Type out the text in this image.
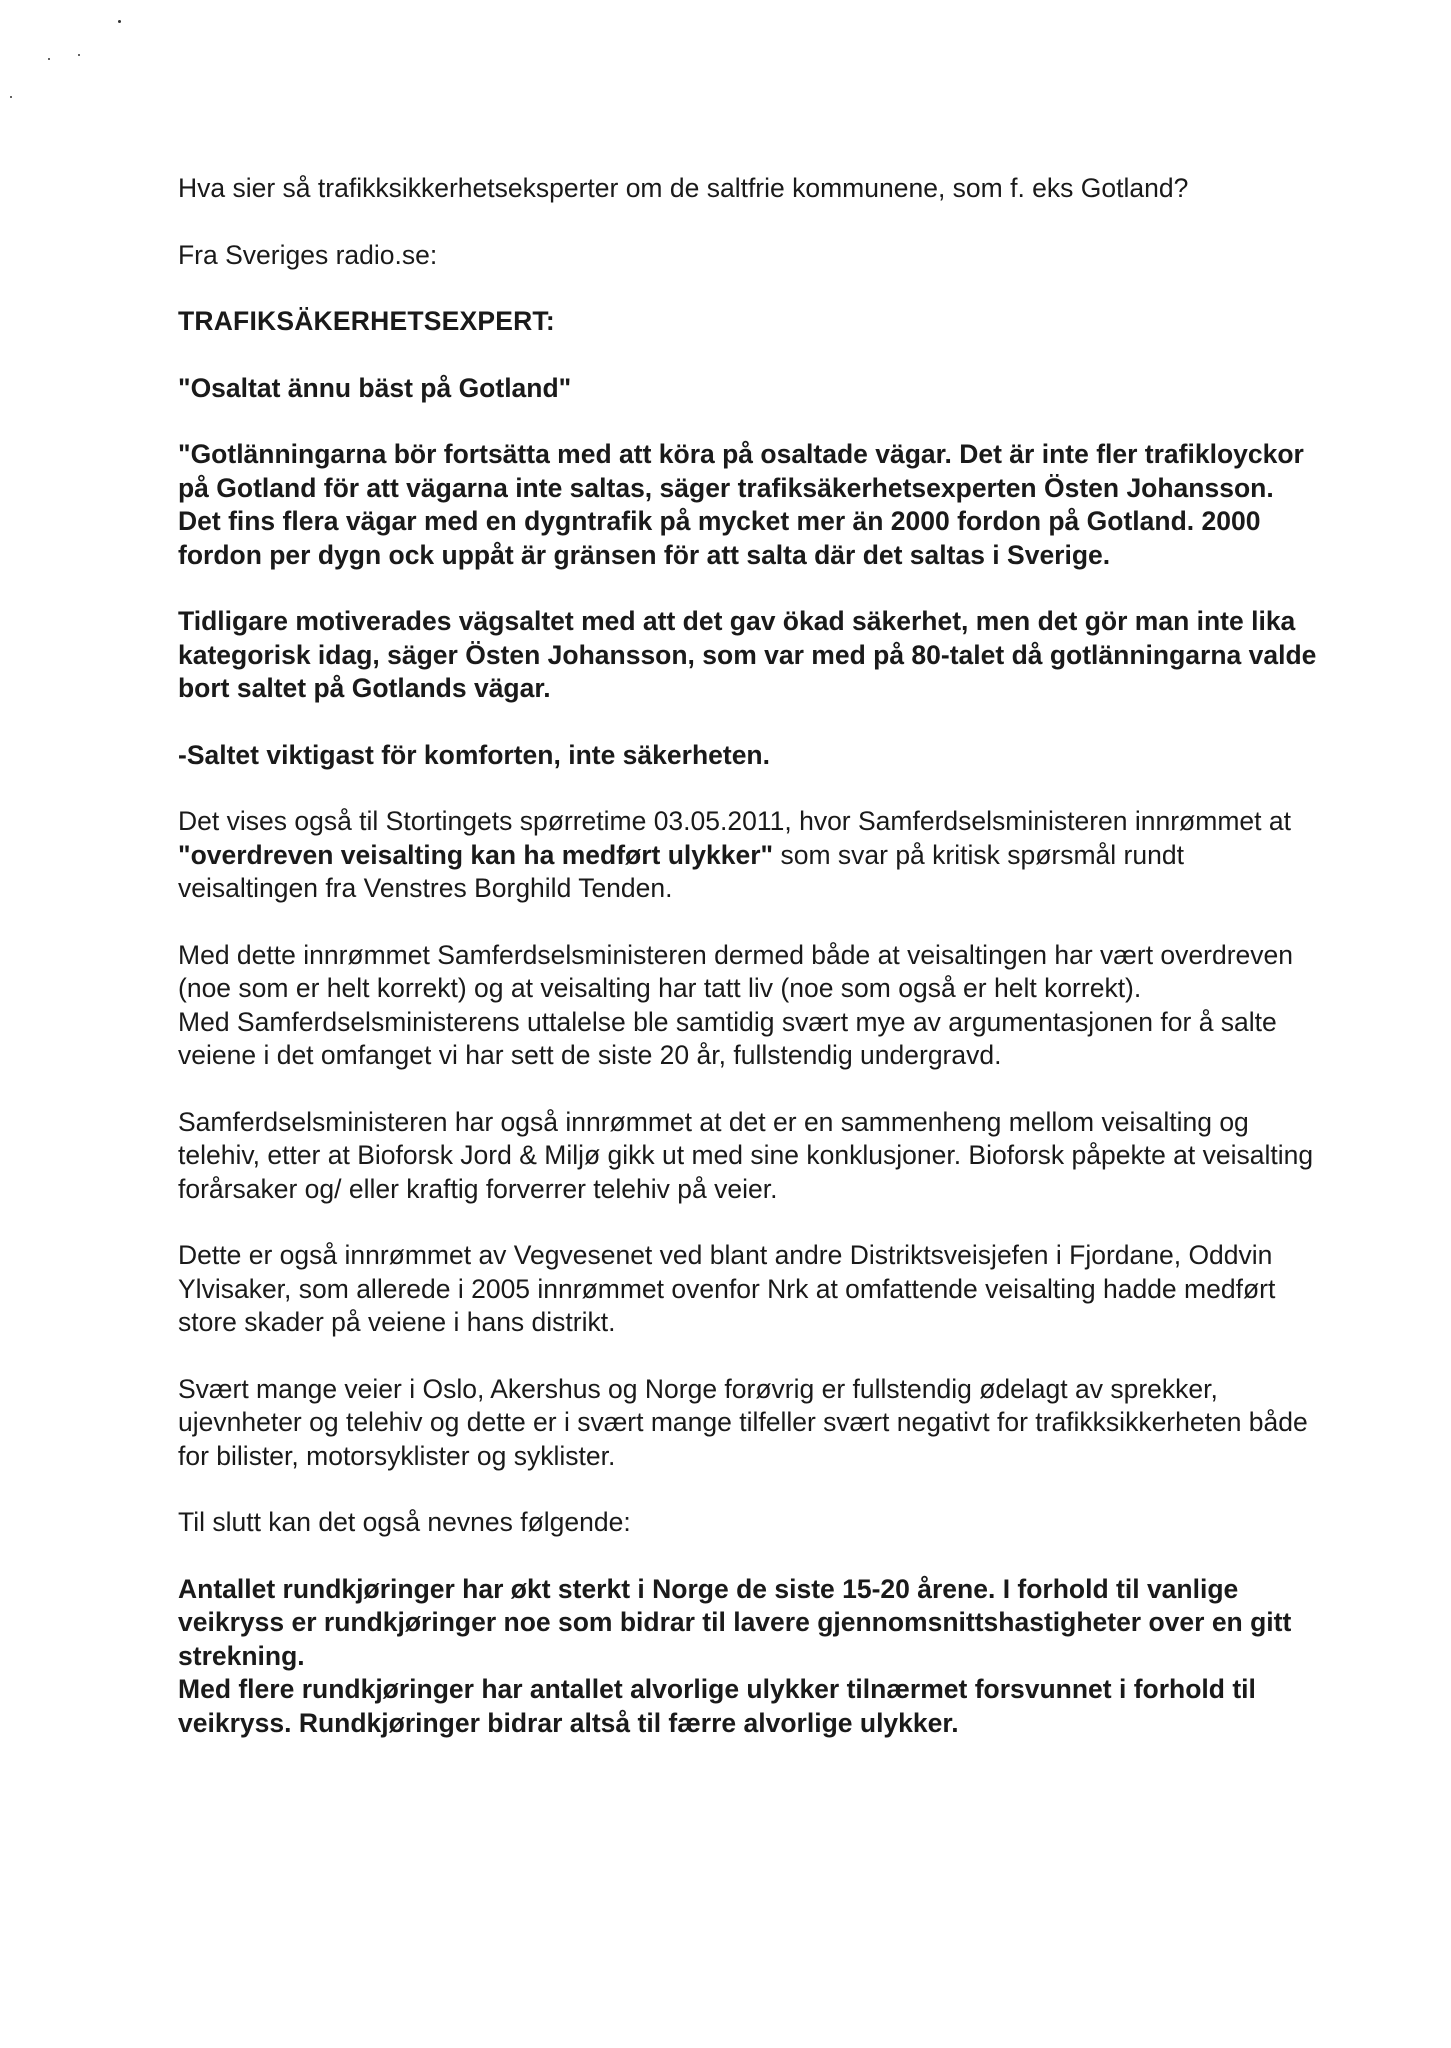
Hva sier så trafikksikkerhetseksperter om de saltfrie kommunene, som f. eks Gotland?

Fra Sveriges radio.se:

TRAFIKSÄKERHETSEXPERT:

"Osaltat ännu bäst på Gotland"

"Gotlänningarna bör fortsätta med att köra på osaltade vägar. Det är inte fler trafikloyckor på Gotland för att vägarna inte saltas, säger trafiksäkerhetsexperten Östen Johansson. Det fins flera vägar med en dygntrafik på mycket mer än 2000 fordon på Gotland. 2000 fordon per dygn ock uppåt är gränsen för att salta där det saltas i Sverige.

Tidligare motiverades vägsaltet med att det gav ökad säkerhet, men det gör man inte lika kategorisk idag, säger Östen Johansson, som var med på 80-talet då gotlänningarna valde bort saltet på Gotlands vägar.

-Saltet viktigast för komforten, inte säkerheten.

Det vises også til Stortingets spørretime 03.05.2011, hvor Samferdselsministeren innrømmet at "overdreven veisalting kan ha medført ulykker" som svar på kritisk spørsmål rundt veisaltingen fra Venstres Borghild Tenden.

Med dette innrømmet Samferdselsministeren dermed både at veisaltingen har vært overdreven (noe som er helt korrekt) og at veisalting har tatt liv (noe som også er helt korrekt).

Med Samferdselsministerens uttalelse ble samtidig svært mye av argumentasjonen for å salte veiene i det omfanget vi har sett de siste 20 år, fullstendig undergravd.

Samferdselsministeren har også innrømmet at det er en sammenheng mellom veisalting og telehiv, etter at Bioforsk Jord & Miljø gikk ut med sine konklusjoner. Bioforsk påpekte at veisalting forårsaker og/ eller kraftig forverrer telehiv på veier.

Dette er også innrømmet av Vegvesenet ved blant andre Distriktsveisjefen i Fjordane, Oddvin Ylvisaker, som allerede i 2005 innrømmet ovenfor Nrk at omfattende veisalting hadde medført store skader på veiene i hans distrikt.

Svært mange veier i Oslo, Akershus og Norge forøvrig er fullstendig ødelagt av sprekker, ujevnheter og telehiv og dette er i svært mange tilfeller svært negativt for trafikksikkerheten både for bilister, motorsyklister og syklister.

Til slutt kan det også nevnes følgende:

Antallet rundkjøringer har økt sterkt i Norge de siste 15-20 årene. I forhold til vanlige veikryss er rundkjøringer noe som bidrar til lavere gjennomsnittshastigheter over en gitt strekning.

Med flere rundkjøringer har antallet alvorlige ulykker tilnærmet forsvunnet i forhold til veikryss. Rundkjøringer bidrar altså til færre alvorlige ulykker.
